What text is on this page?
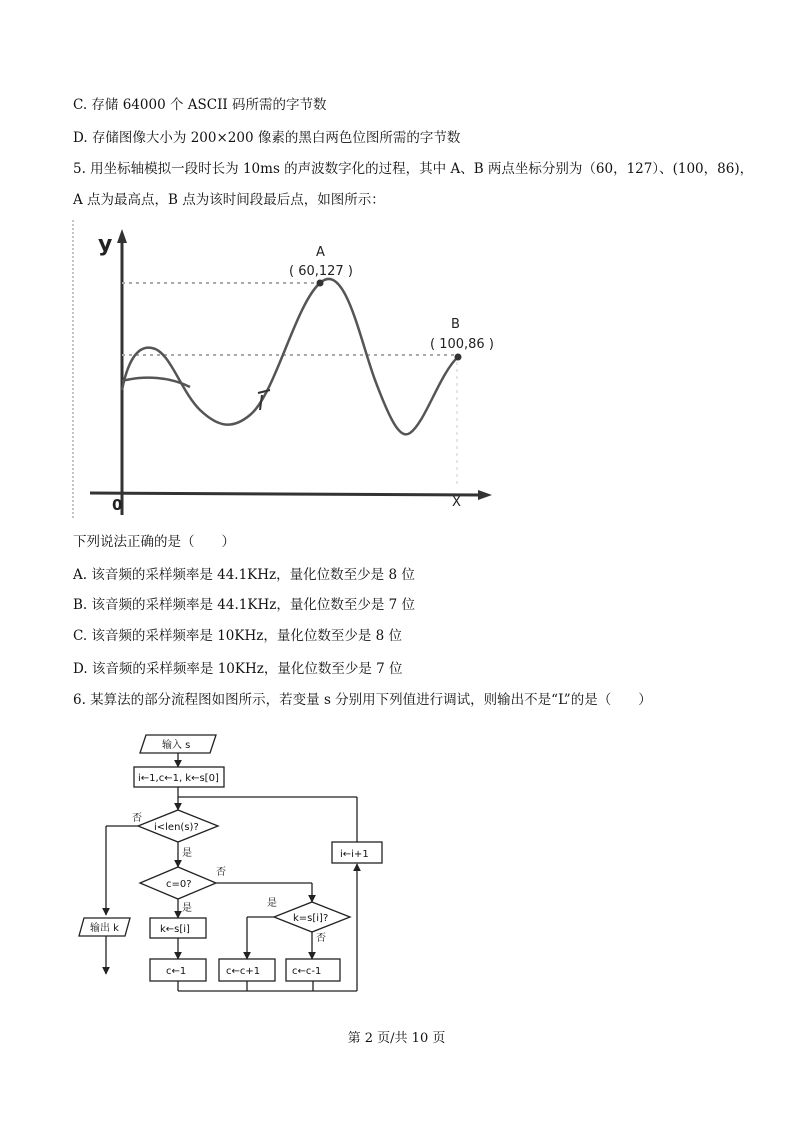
C. 存储 64000 个 ASCII 码所需的字节数
D. 存储图像大小为 200×200 像素的黑白两色位图所需的字节数
5. 用坐标轴模拟一段时长为 10ms 的声波数字化的过程，其中 A、B 两点坐标分别为（60，127）、(100，86)，
A 点为最高点，B 点为该时间段最后点，如图所示：
y
X
0
A
( 60,127 )
B
( 100,86 )
下列说法正确的是（　　）
A. 该音频的采样频率是 44.1KHz，量化位数至少是 8 位
B. 该音频的采样频率是 44.1KHz，量化位数至少是 7 位
C. 该音频的采样频率是 10KHz，量化位数至少是 8 位
D. 该音频的采样频率是 10KHz，量化位数至少是 7 位
6. 某算法的部分流程图如图所示，若变量 s 分别用下列值进行调试，则输出不是“L”的是（　　）
输入 s
i←1,c←1, k←s[0]
i<len(s)?
否
是
c=0?
否
是
k=s[i]?
是
否
k←s[i]
c←1	c←c+1	c←c-1
i←i+1
输出 k
第 2 页/共 10 页
